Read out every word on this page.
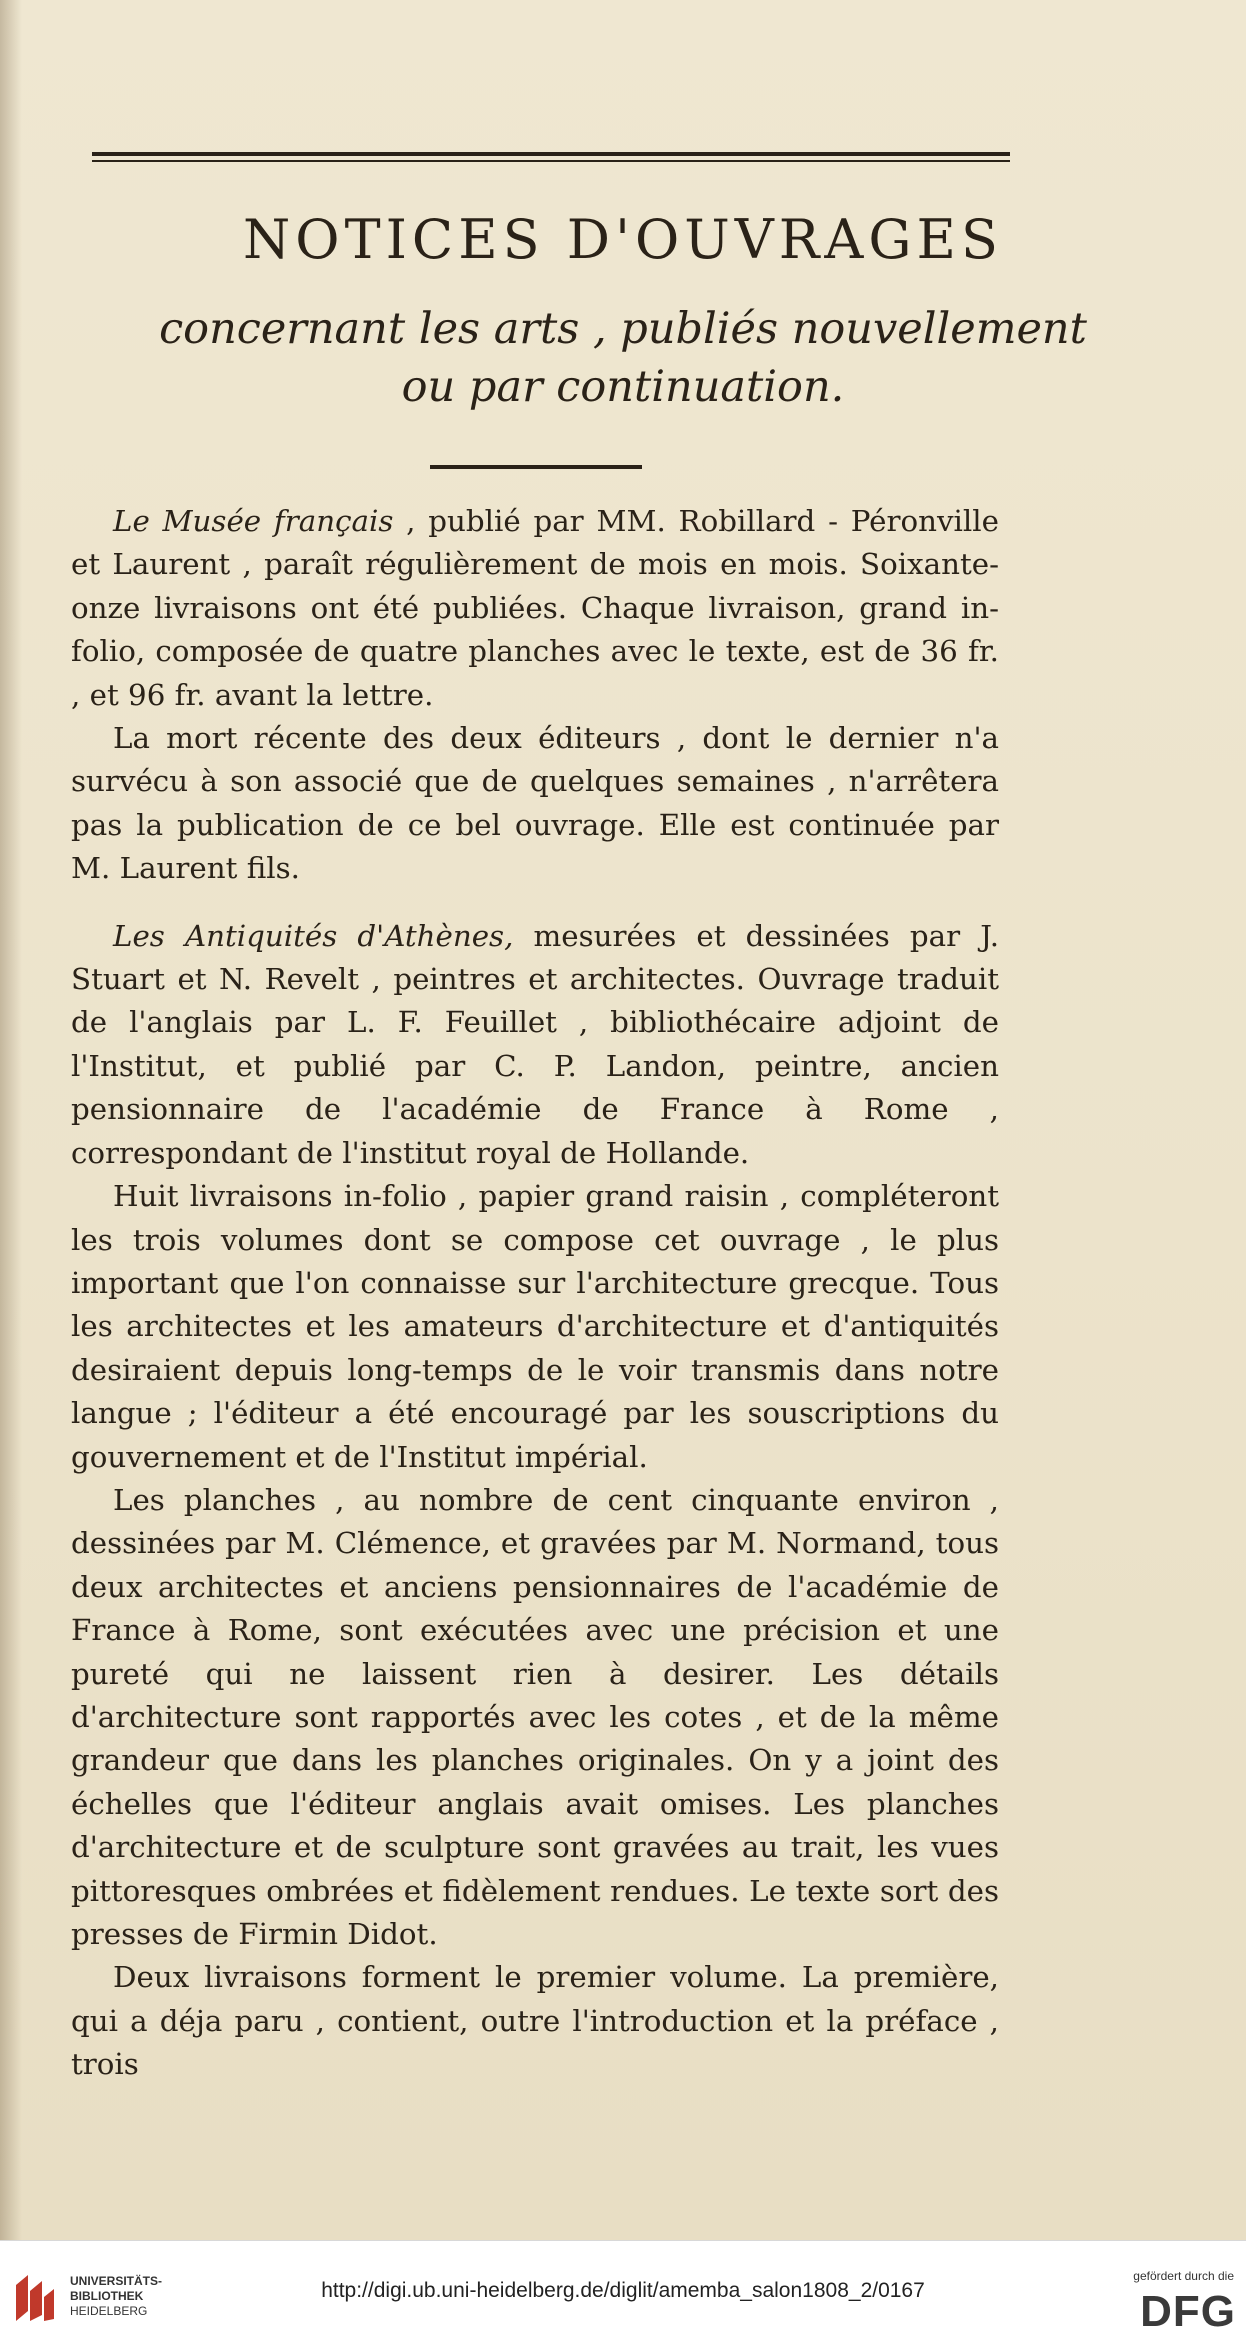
NOTICES D'OUVRAGES
concernant les arts , publiés nouvellement
ou par continuation.

Le Musée français , publié par MM. Robillard - Péronville et Laurent , paraît régulièrement de mois en mois. Soixante-onze livraisons ont été publiées. Chaque livraison, grand in-folio, composée de quatre planches avec le texte, est de 36 fr. , et 96 fr. avant la lettre.

La mort récente des deux éditeurs , dont le dernier n'a survécu à son associé que de quelques semaines , n'arrêtera pas la publication de ce bel ouvrage. Elle est continuée par M. Laurent fils.

Les Antiquités d'Athènes, mesurées et dessinées par J. Stuart et N. Revelt , peintres et architectes. Ouvrage traduit de l'anglais par L. F. Feuillet , bibliothécaire adjoint de l'Institut, et publié par C. P. Landon, peintre, ancien pensionnaire de l'académie de France à Rome , correspondant de l'institut royal de Hollande.

Huit livraisons in-folio , papier grand raisin , compléteront les trois volumes dont se compose cet ouvrage , le plus important que l'on connaisse sur l'architecture grecque. Tous les architectes et les amateurs d'architecture et d'antiquités desiraient depuis long-temps de le voir transmis dans notre langue ; l'éditeur a été encouragé par les souscriptions du gouvernement et de l'Institut impérial.

Les planches , au nombre de cent cinquante environ , dessinées par M. Clémence, et gravées par M. Normand, tous deux architectes et anciens pensionnaires de l'académie de France à Rome, sont exécutées avec une précision et une pureté qui ne laissent rien à desirer. Les détails d'architecture sont rapportés avec les cotes , et de la même grandeur que dans les planches originales. On y a joint des échelles que l'éditeur anglais avait omises. Les planches d'architecture et de sculpture sont gravées au trait, les vues pittoresques ombrées et fidèlement rendues. Le texte sort des presses de Firmin Didot.

Deux livraisons forment le premier volume. La première, qui a déja paru , contient, outre l'introduction et la préface , trois

UNIVERSITÄTS-
BIBLIOTHEK
HEIDELBERG
http://digi.ub.uni-heidelberg.de/diglit/amemba_salon1808_2/0167
gefördert durch die
DFG
